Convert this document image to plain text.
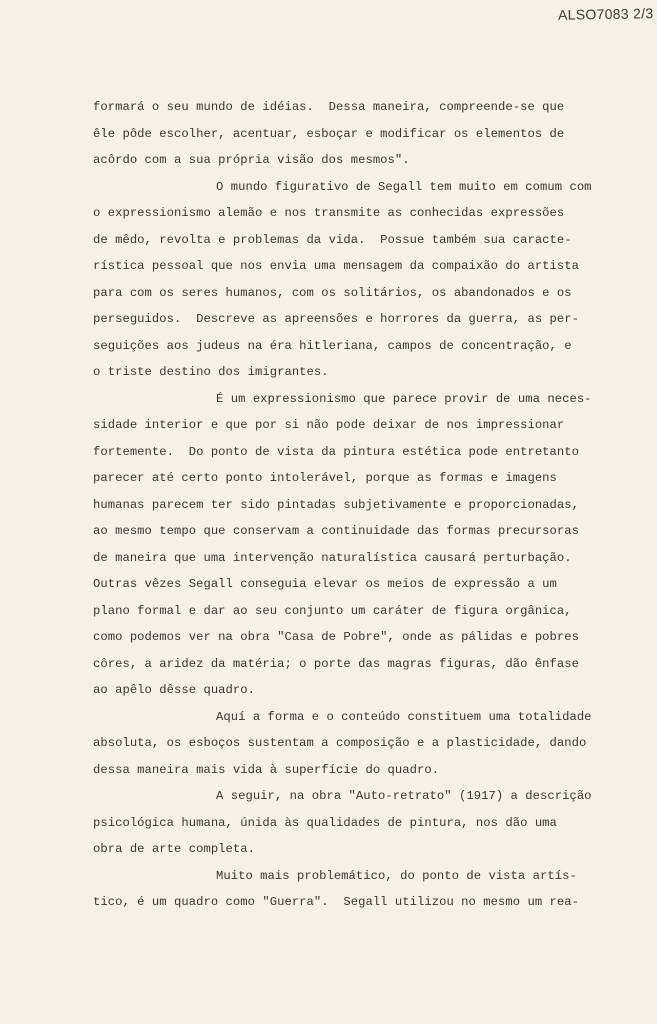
ALSO7083 2/3
formará o seu mundo de idéias.  Dessa maneira, compreende-se que
êle pôde escolher, acentuar, esboçar e modificar os elementos de
acôrdo com a sua própria visão dos mesmos".
O mundo figurativo de Segall tem muito em comum com
o expressionismo alemão e nos transmite as conhecidas expressões
de mêdo, revolta e problemas da vida.  Possue também sua caracte-
rística pessoal que nos envia uma mensagem da compaixão do artista
para com os seres humanos, com os solitários, os abandonados e os
perseguidos.  Descreve as apreensões e horrores da guerra, as per-
seguições aos judeus na éra hitleriana, campos de concentração, e
o triste destino dos imigrantes.
É um expressionismo que parece provir de uma neces-
sidade interior e que por si não pode deixar de nos impressionar
fortemente.  Do ponto de vista da pintura estética pode entretanto
parecer até certo ponto intolerável, porque as formas e imagens
humanas parecem ter sido pintadas subjetivamente e proporcionadas,
ao mesmo tempo que conservam a continuidade das formas precursoras
de maneira que uma intervenção naturalística causará perturbação.
Outras vêzes Segall conseguia elevar os meios de expressão a um
plano formal e dar ao seu conjunto um caráter de figura orgânica,
como podemos ver na obra "Casa de Pobre", onde as pálidas e pobres
côres, a aridez da matéria; o porte das magras figuras, dão ênfase
ao apêlo dêsse quadro.
Aquí a forma e o conteúdo constituem uma totalidade
absoluta, os esboços sustentam a composição e a plasticidade, dando
dessa maneira mais vida à superfície do quadro.
A seguir, na obra "Auto-retrato" (1917) a descrição
psicológica humana, únida às qualidades de pintura, nos dão uma
obra de arte completa.
Muito mais problemático, do ponto de vista artís-
tico, é um quadro como "Guerra".  Segall utilizou no mesmo um rea-
